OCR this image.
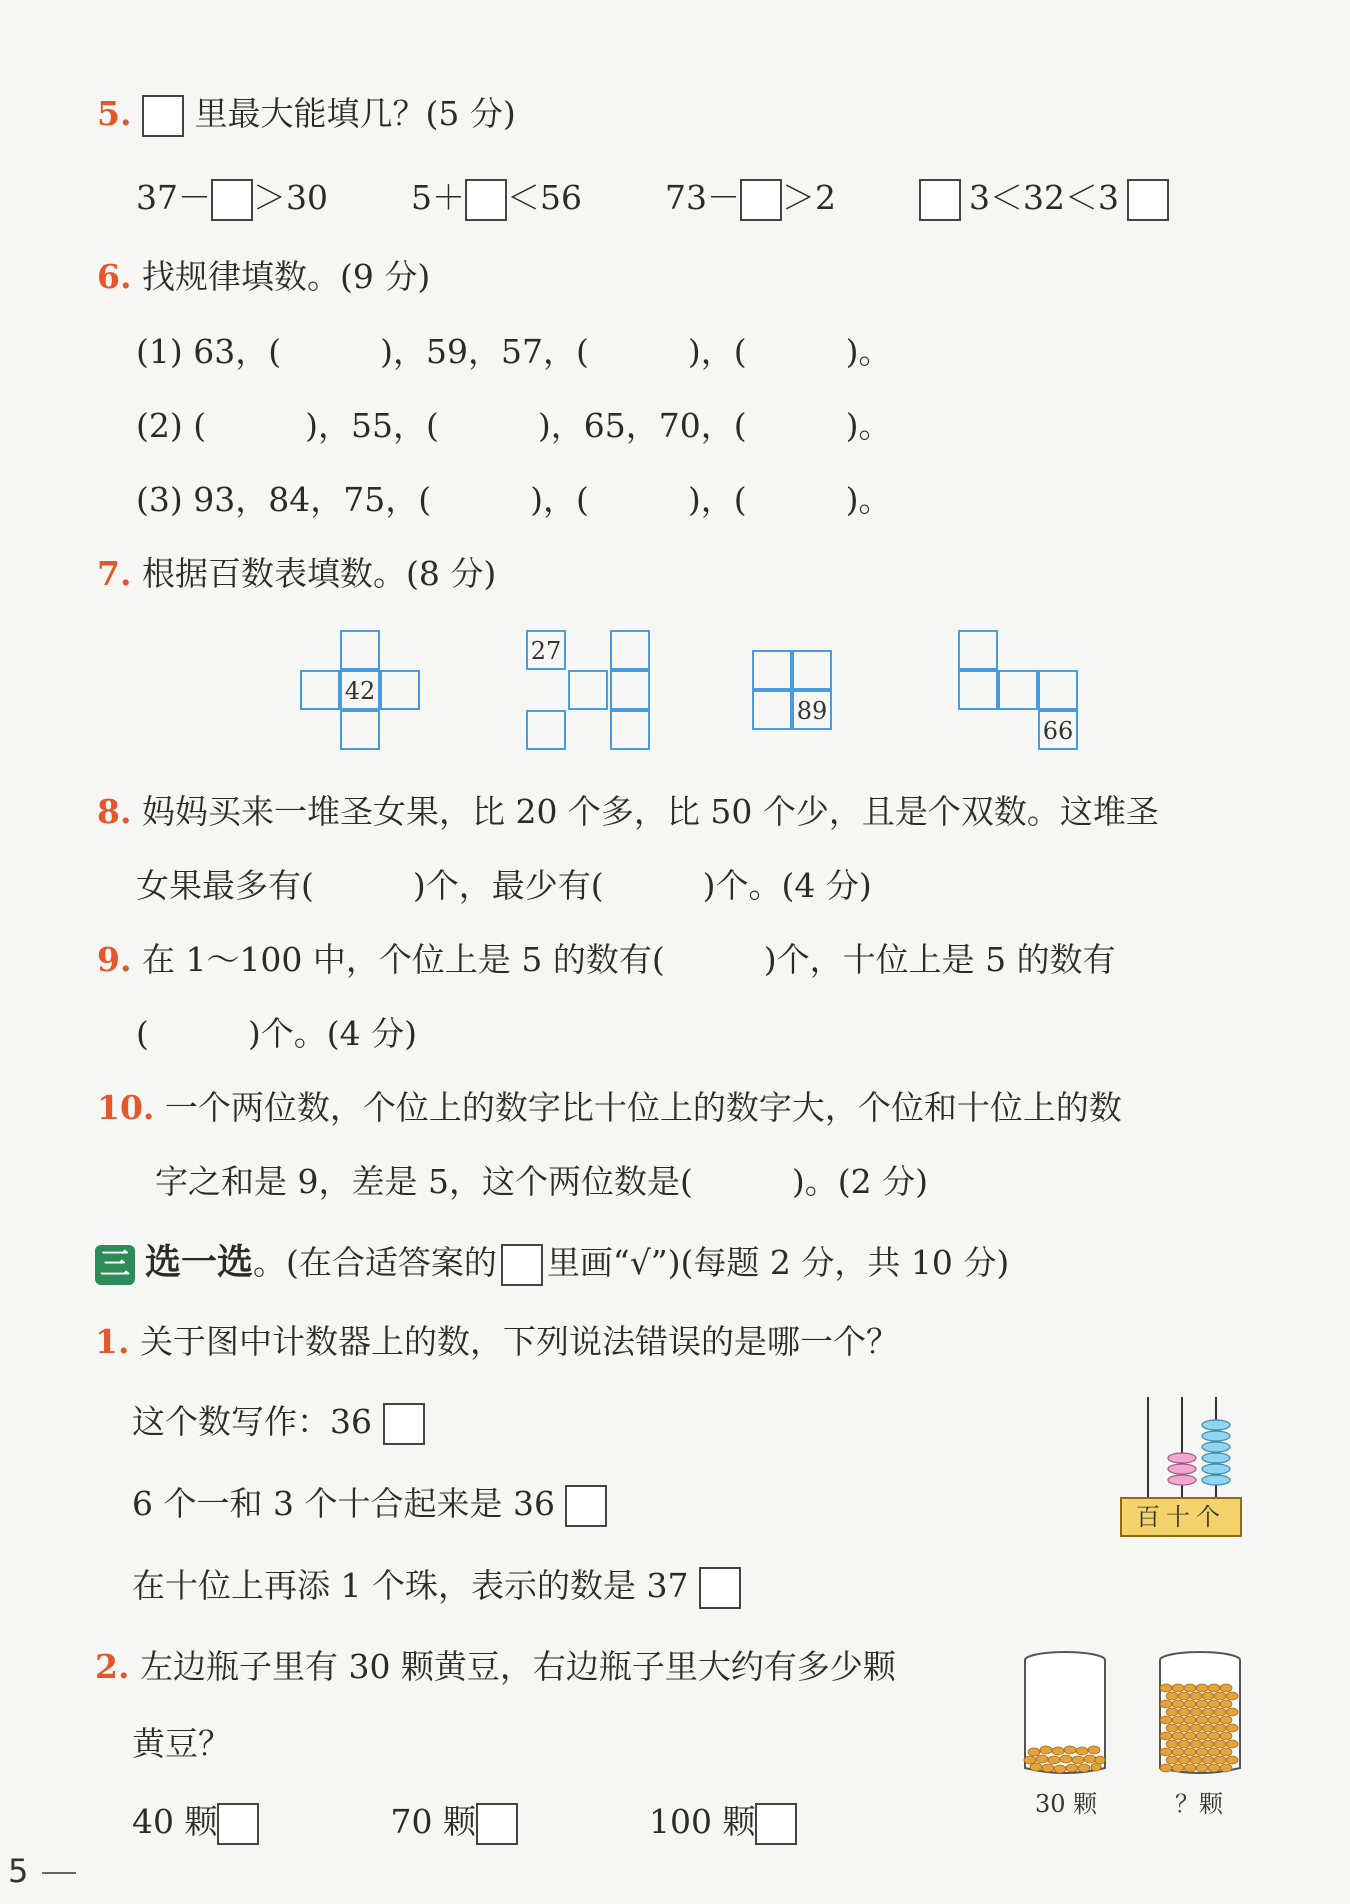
5. 里最大能填几？(5 分)
37－ ＞30	5＋ ＜56	73－ ＞2	3＜32＜3
6. 找规律填数。(9 分)
(1) 63，(　　　)，59，57，(　　　)，(　　　)。
(2) (　　　)，55，(　　　)，65，70，(　　　)。
(3) 93，84，75，(　　　)，(　　　)，(　　　)。
7. 根据百数表填数。(8 分)
42
27
89
66
8. 妈妈买来一堆圣女果，比 20 个多，比 50 个少，且是个双数。这堆圣
女果最多有(　　　)个，最少有(　　　)个。(4 分)
9. 在 1～100 中，个位上是 5 的数有(　　　)个，十位上是 5 的数有
(　　　)个。(4 分)
10. 一个两位数，个位上的数字比十位上的数字大，个位和十位上的数
字之和是 9，差是 5，这个两位数是(　　　)。(2 分)
三 选一选。(在合适答案的 里画“√”)(每题 2 分，共 10 分)
1. 关于图中计数器上的数，下列说法错误的是哪一个？
这个数写作：36
6 个一和 3 个十合起来是 36
在十位上再添 1 个珠，表示的数是 37
百十个
2. 左边瓶子里有 30 颗黄豆，右边瓶子里大约有多少颗
黄豆？
40 颗	70 颗	100 颗	30 颗	？颗
5
